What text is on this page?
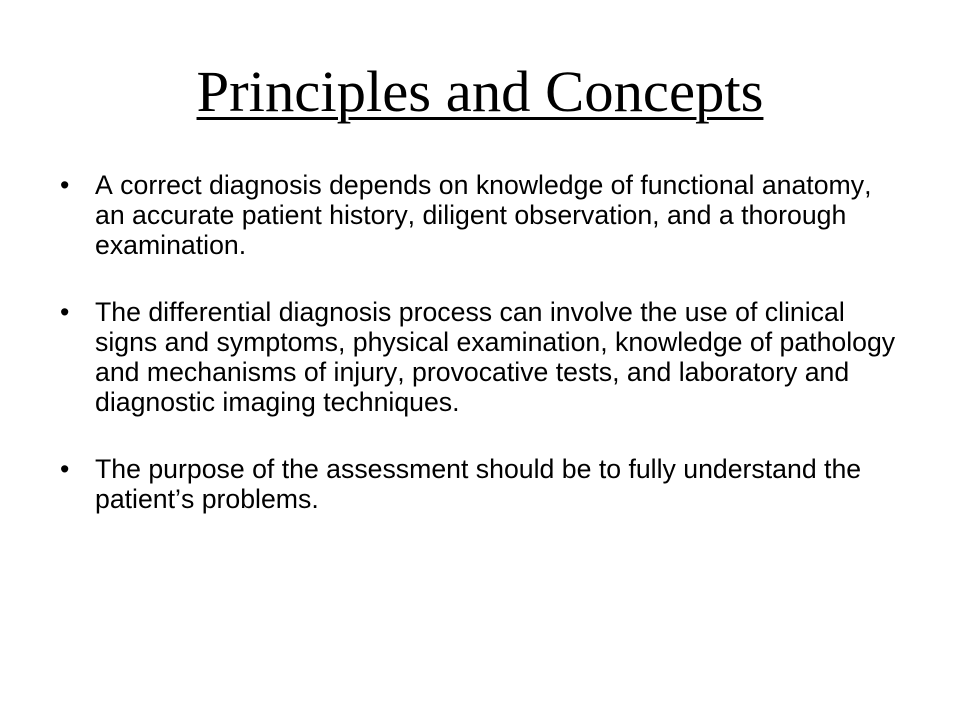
Principles and Concepts
• A correct diagnosis depends on knowledge of functional anatomy, an accurate patient history, diligent observation, and a thorough examination.
• The differential diagnosis process can involve the use of clinical signs and symptoms, physical examination, knowledge of pathology and mechanisms of injury, provocative tests, and laboratory and diagnostic imaging techniques.
• The purpose of the assessment should be to fully understand the patient’s problems.
